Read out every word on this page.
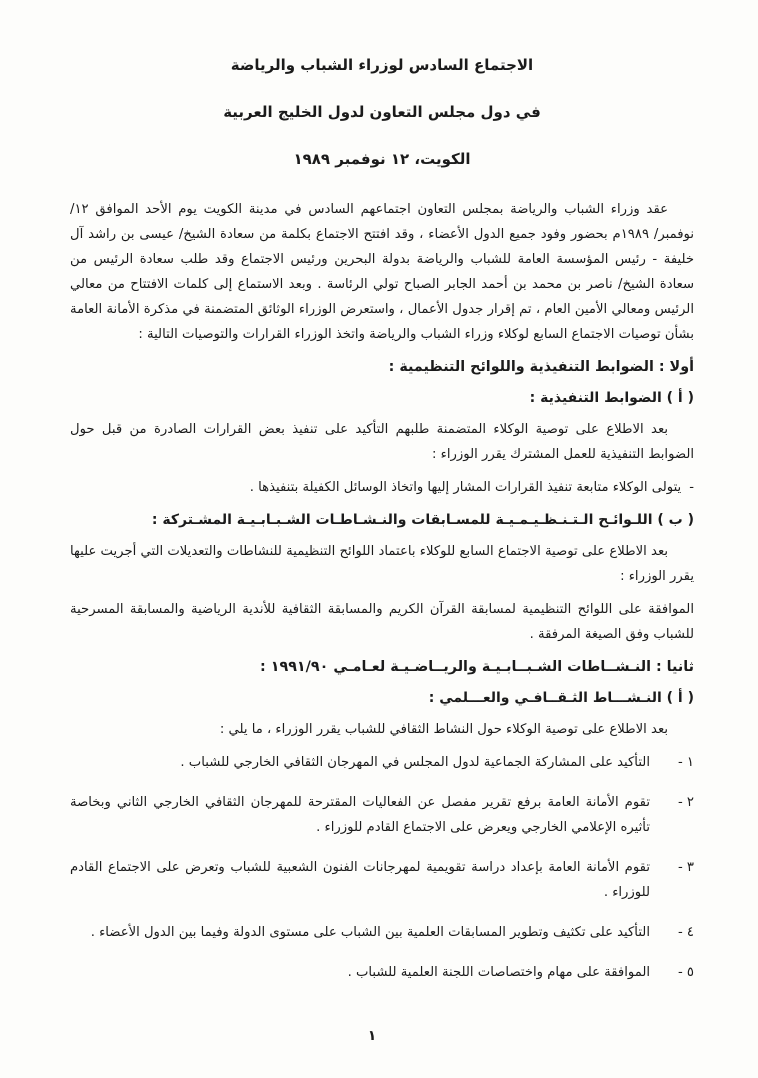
الاجتماع السادس لوزراء الشباب والرياضة
في دول مجلس التعاون لدول الخليج العربية
الكويت، ١٢ نوفمبر ١٩٨٩

عقد وزراء الشباب والرياضة بمجلس التعاون اجتماعهم السادس في مدينة الكويت يوم الأحد الموافق ١٢/نوفمبر/ ١٩٨٩م بحضور وفود جميع الدول الأعضاء ، وقد افتتح الاجتماع بكلمة من سعادة الشيخ/ عيسى بن راشد آل خليفة - رئيس المؤسسة العامة للشباب والرياضة بدولة البحرين ورئيس الاجتماع وقد طلب سعادة الرئيس من سعادة الشيخ/ ناصر بن محمد بن أحمد الجابر الصباح تولي الرئاسة . وبعد الاستماع إلى كلمات الافتتاح من معالي الرئيس ومعالي الأمين العام ، تم إقرار جدول الأعمال ، واستعرض الوزراء الوثائق المتضمنة في مذكرة الأمانة العامة بشأن توصيات الاجتماع السابع لوكلاء وزراء الشباب والرياضة واتخذ الوزراء القرارات والتوصيات التالية :

أولا : الضوابط التنفيذية واللوائح التنظيمية :
( أ ) الضوابط التنفيذية :

بعد الاطلاع على توصية الوكلاء المتضمنة طلبهم التأكيد على تنفيذ بعض القرارات الصادرة من قبل حول الضوابط التنفيذية للعمل المشترك يقرر الوزراء :

-
يتولى الوكلاء متابعة تنفيذ القرارات المشار إليها واتخاذ الوسائل الكفيلة بتنفيذها .
( ب ) اللـوائـح الـتـنـظـيـمـيـة للمسـابقات والنـشـاطـات الشـبـابـيـة المشـتركة :

بعد الاطلاع على توصية الاجتماع السابع للوكلاء باعتماد اللوائح التنظيمية للنشاطات والتعديلات التي أجريت عليها يقرر الوزراء :

الموافقة على اللوائح التنظيمية لمسابقة القرآن الكريم والمسابقة الثقافية للأندية الرياضية والمسابقة المسرحية للشباب وفق الصيغة المرفقة .

ثانيا : النـشــاطات الشـبــابـيـة والريــاضـيـة لعـامـي ١٩٩١/٩٠ :
( أ ) النـشـــاط الثـقــافـي والعـــلمي :

بعد الاطلاع على توصية الوكلاء حول النشاط الثقافي للشباب يقرر الوزراء ، ما يلي :

١ -
التأكيد على المشاركة الجماعية لدول المجلس في المهرجان الثقافي الخارجي للشباب .
٢ -
تقوم الأمانة العامة برفع تقرير مفصل عن الفعاليات المقترحة للمهرجان الثقافي الخارجي الثاني وبخاصة تأثيره الإعلامي الخارجي ويعرض على الاجتماع القادم للوزراء .
٣ -
تقوم الأمانة العامة بإعداد دراسة تقويمية لمهرجانات الفنون الشعبية للشباب وتعرض على الاجتماع القادم للوزراء .
٤ -
التأكيد على تكثيف وتطوير المسابقات العلمية بين الشباب على مستوى الدولة وفيما بين الدول الأعضاء .
٥ -
الموافقة على مهام واختصاصات اللجنة العلمية للشباب .
١
